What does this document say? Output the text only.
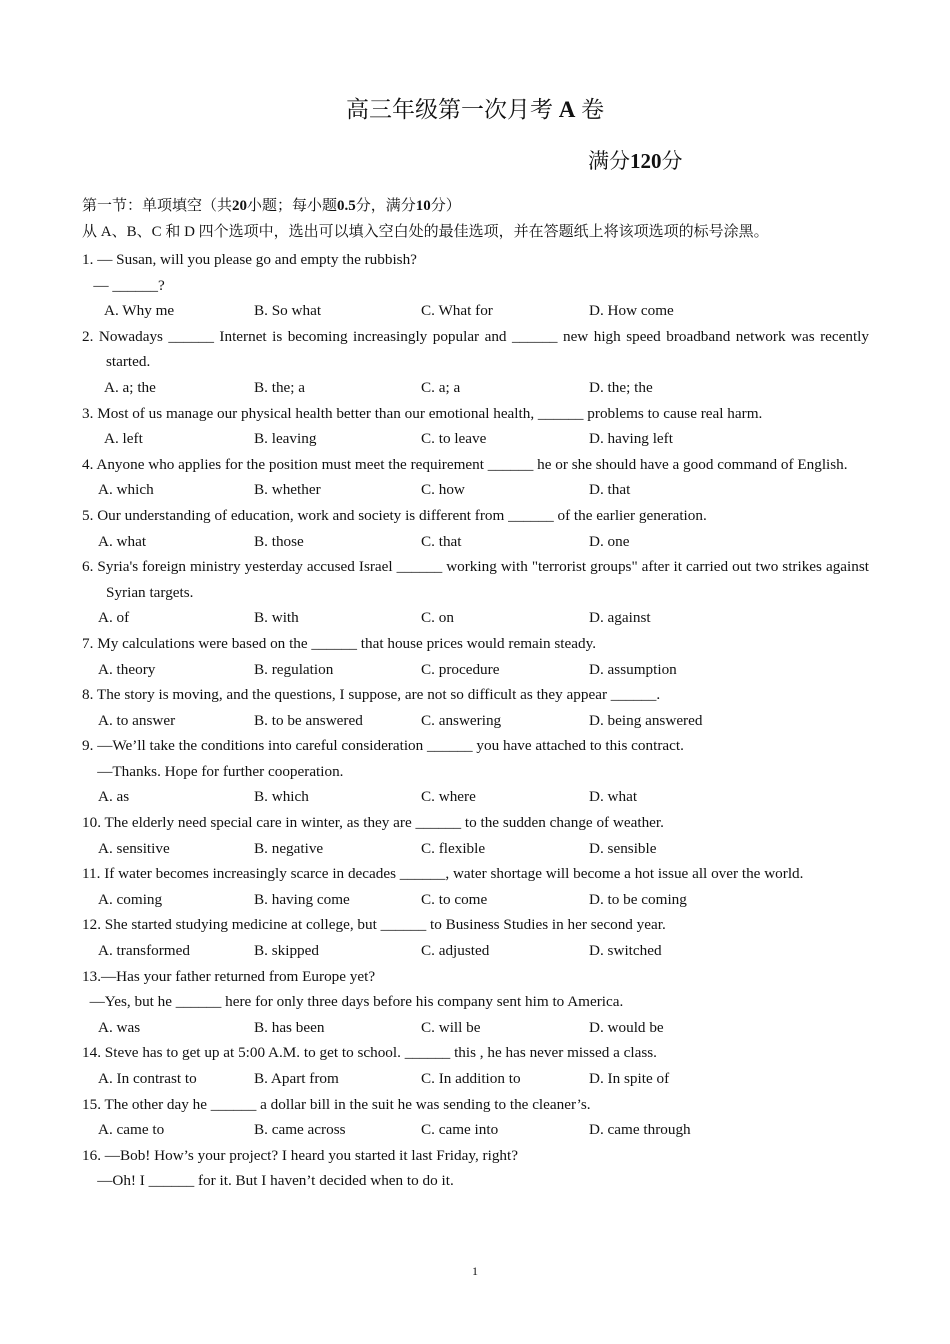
高三年级第一次月考 A 卷
满分120分
第一节：单项填空（共20小题；每小题0.5分，满分10分）
从 A、B、C 和 D 四个选项中，选出可以填入空白处的最佳选项，并在答题纸上将该项选项的标号涂黑。

1. — Susan, will you please go and empty the rubbish?

— ______?

A. Why me	B. So what	C. What for	D. How come

2. Nowadays ______ Internet is becoming increasingly popular and ______ new high speed broadband network was recently started.

A. a; the	B. the; a	C. a; a	D. the; the

3. Most of us manage our physical health better than our emotional health, ______ problems to cause real harm.

A. left	B. leaving	C. to leave	D. having left

4. Anyone who applies for the position must meet the requirement ______ he or she should have a good command of English.

A. which	B. whether	C. how	D. that

5. Our understanding of education, work and society is different from ______ of the earlier generation.

A. what	B. those	C. that	D. one

6. Syria's foreign ministry yesterday accused Israel ______ working with "terrorist groups" after it carried out two strikes against Syrian targets.

A. of	B. with	C. on	D. against

7. My calculations were based on the ______ that house prices would remain steady.

A. theory	B. regulation	C. procedure	D. assumption

8. The story is moving, and the questions, I suppose, are not so difficult as they appear ______.

A. to answer	B. to be answered	C. answering	D. being answered

9. —We’ll take the conditions into careful consideration ______ you have attached to this contract.

—Thanks. Hope for further cooperation.

A. as	B. which	C. where	D. what

10. The elderly need special care in winter, as they are ______ to the sudden change of weather.

A. sensitive	B. negative	C. flexible	D. sensible

11. If water becomes increasingly scarce in decades ______, water shortage will become a hot issue all over the world.

A. coming	B. having come	C. to come	D. to be coming

12. She started studying medicine at college, but ______ to Business Studies in her second year.

A. transformed	B. skipped	C. adjusted	D. switched

13.—Has your father returned from Europe yet?

—Yes, but he ______ here for only three days before his company sent him to America.

A. was	B. has been	C. will be	D. would be

14. Steve has to get up at 5:00 A.M. to get to school. ______ this , he has never missed a class.

A. In contrast to	B. Apart from	C. In addition to	D. In spite of

15. The other day he ______ a dollar bill in the suit he was sending to the cleaner’s.

A. came to	B. came across	C. came into	D. came through

16. —Bob! How’s your project? I heard you started it last Friday, right?

—Oh! I ______ for it. But I haven’t decided when to do it.

1
